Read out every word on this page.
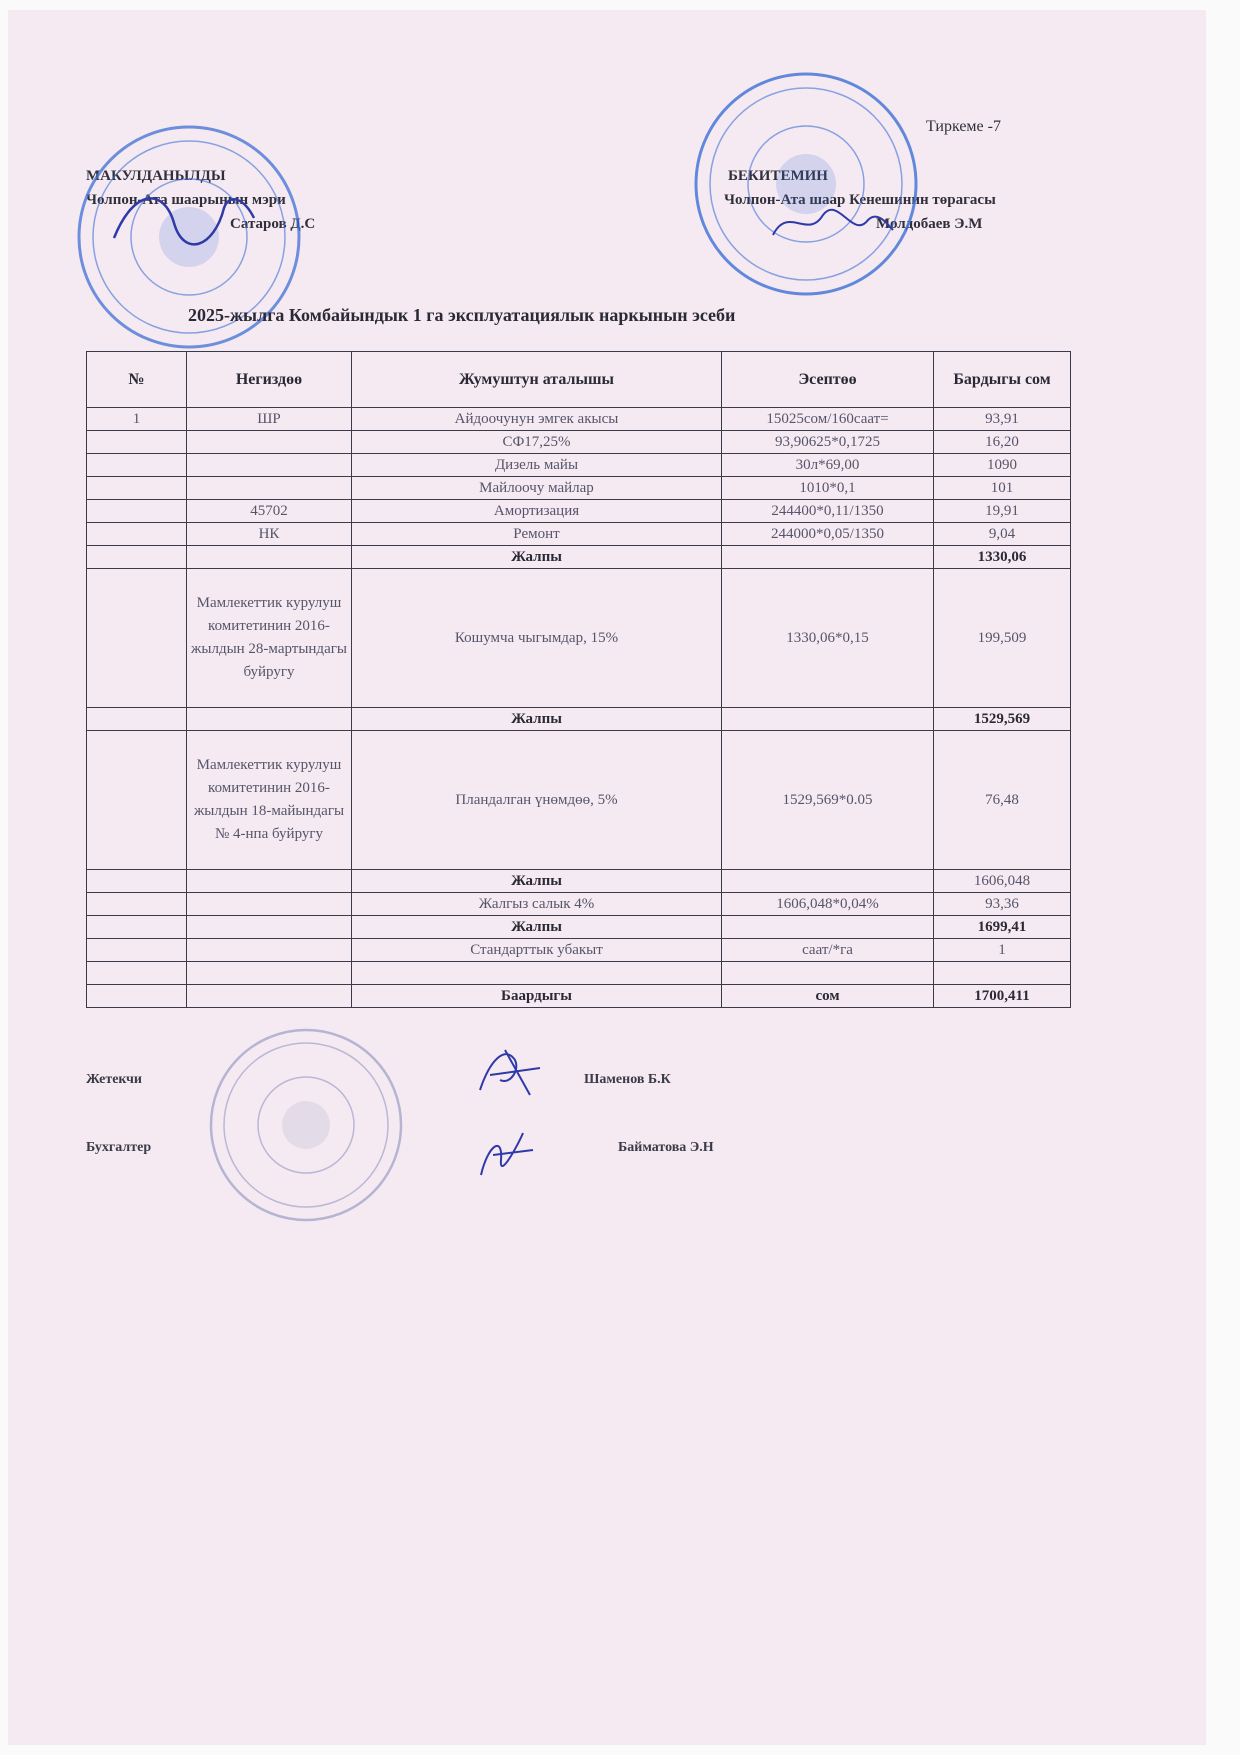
Тиркеме -7
МАКУЛДАНЫЛДЫ
Чолпон-Ата шаарынын мэри
Сатаров Д.С
БЕКИТЕМИН
Чолпон-Ата шаар Кенешинин төрагасы
Молдобаев Э.М
2025-жылга Комбайындык 1 га эксплуатациялык наркынын эсеби
№	Негиздөө	Жумуштун аталышы	Эсептөө	Бардыгы сом
1	ШР	Айдоочунун эмгек акысы	15025сом/160саат=	93,91
		СФ17,25%	93,90625*0,1725	16,20
		Дизель майы	30л*69,00	1090
		Майлоочу майлар	1010*0,1	101
	45702	Амортизация	244400*0,11/1350	19,91
	НК	Ремонт	244000*0,05/1350	9,04
		Жалпы		1330,06
	Мамлекеттик курулуш комитетинин 2016-жылдын 28-мартындагы буйругу	Кошумча чыгымдар, 15%	1330,06*0,15	199,509
		Жалпы		1529,569
	Мамлекеттик курулуш комитетинин 2016-жылдын 18-майындагы № 4-нпа буйругу	Пландалган үнөмдөө, 5%	1529,569*0.05	76,48
		Жалпы		1606,048
		Жалгыз салык 4%	1606,048*0,04%	93,36
		Жалпы		1699,41
		Стандарттык убакыт	саат/*га	1

		Баардыгы	сом	1700,411
Жетекчи	Шаменов Б.К
Бухгалтер	Байматова Э.Н
